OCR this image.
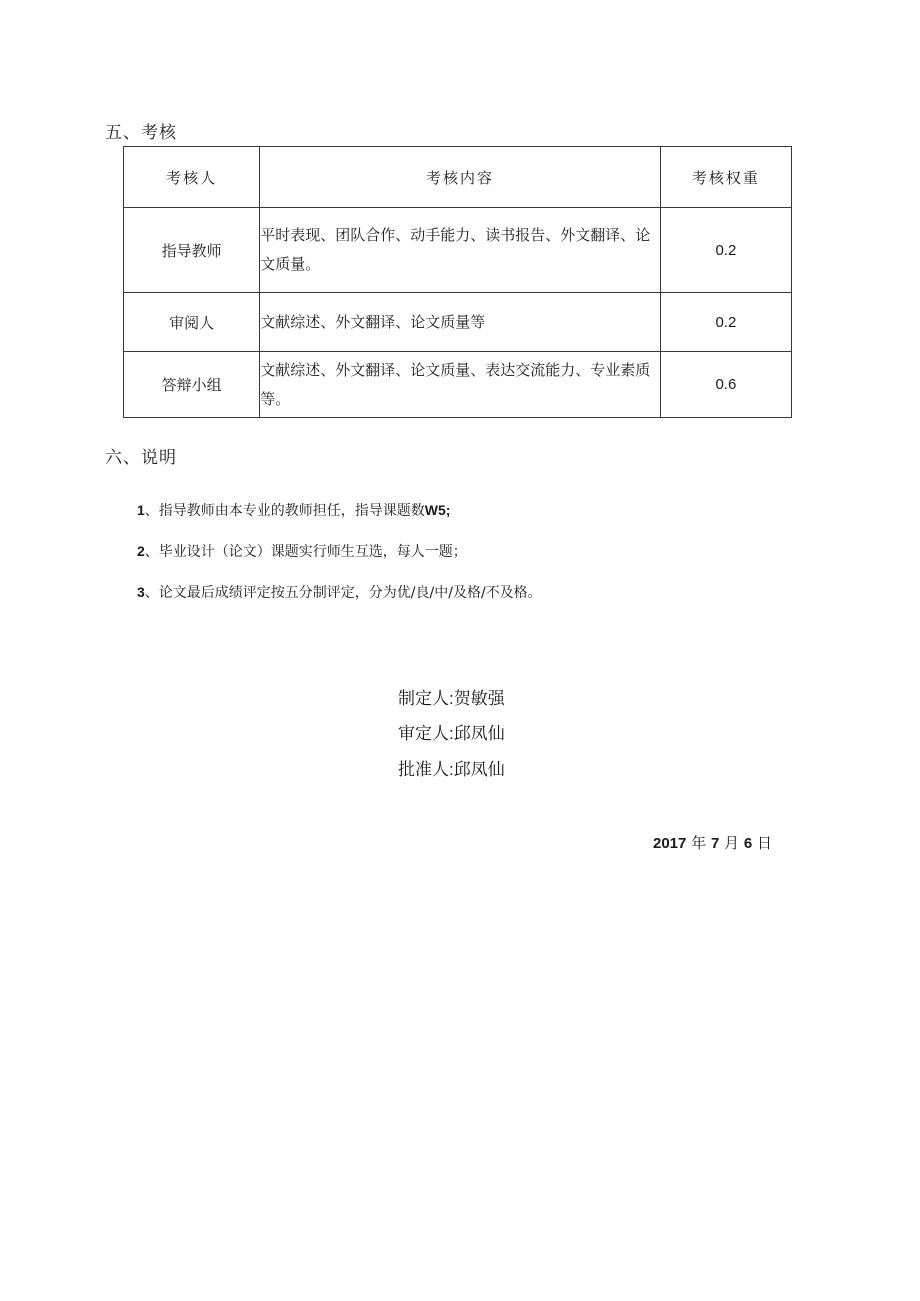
五、考核
考核人	考核内容	考核权重
指导教师	平时表现、团队合作、动手能力、读书报告、外文翻译、论文质量。	0.2
审阅人	文献综述、外文翻译、论文质量等	0.2
答辩小组	文献综述、外文翻译、论文质量、表达交流能力、专业素质等。	0.6
六、说明
1、指导教师由本专业的教师担任，指导课题数W5;
2、毕业设计（论文）课题实行师生互选，每人一题；
3、论文最后成绩评定按五分制评定，分为优/良/中/及格/不及格。
制定人:贺敏强
审定人:邱凤仙
批准人:邱凤仙
2017 年 7 月 6 日
